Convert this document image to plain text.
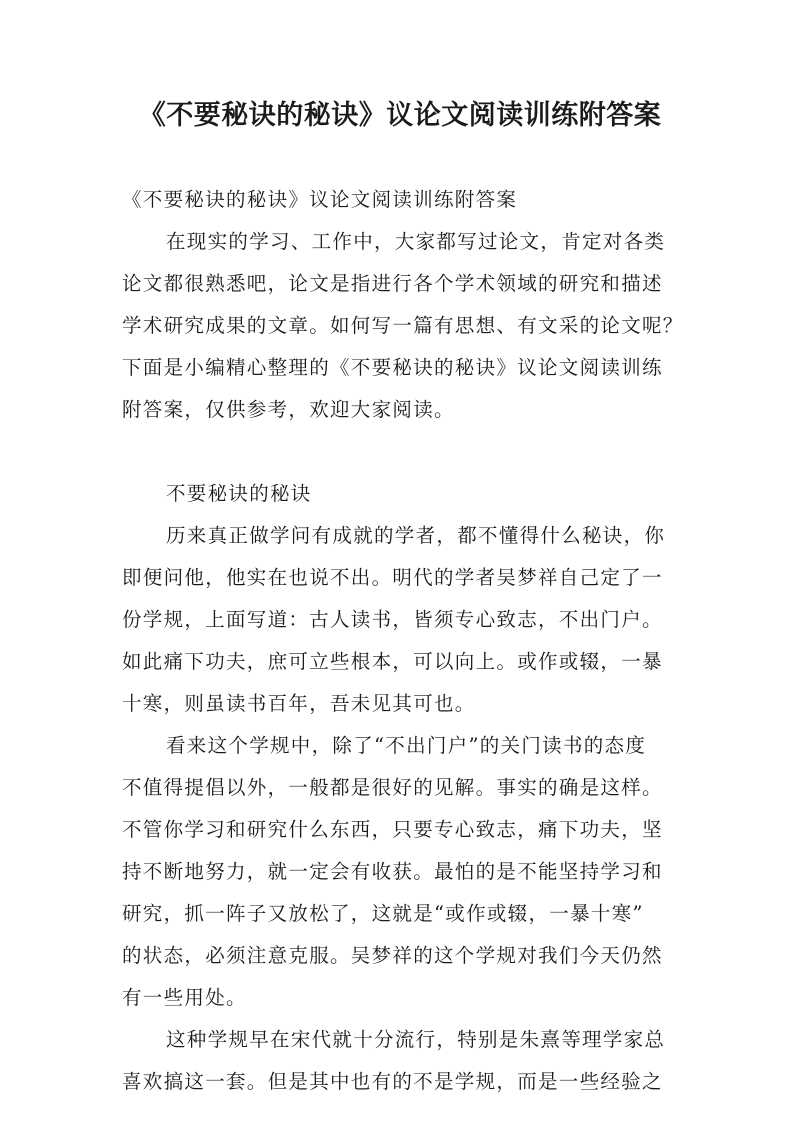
《不要秘诀的秘诀》议论文阅读训练附答案
《不要秘诀的秘诀》议论文阅读训练附答案
在现实的学习、工作中，大家都写过论文，肯定对各类
论文都很熟悉吧，论文是指进行各个学术领域的研究和描述
学术研究成果的文章。如何写一篇有思想、有文采的论文呢？
下面是小编精心整理的《不要秘诀的秘诀》议论文阅读训练
附答案，仅供参考，欢迎大家阅读。
不要秘诀的秘诀
历来真正做学问有成就的学者，都不懂得什么秘诀，你
即便问他，他实在也说不出。明代的学者吴梦祥自己定了一
份学规，上面写道：古人读书，皆须专心致志，不出门户。
如此痛下功夫，庶可立些根本，可以向上。或作或辍，一暴
十寒，则虽读书百年，吾未见其可也。
看来这个学规中，除了“不出门户”的关门读书的态度
不值得提倡以外，一般都是很好的见解。事实的确是这样。
不管你学习和研究什么东西，只要专心致志，痛下功夫，坚
持不断地努力，就一定会有收获。最怕的是不能坚持学习和
研究，抓一阵子又放松了，这就是“或作或辍，一暴十寒”
的状态，必须注意克服。吴梦祥的这个学规对我们今天仍然
有一些用处。
这种学规早在宋代就十分流行，特别是朱熹等理学家总
喜欢搞这一套。但是其中也有的不是学规，而是一些经验之
